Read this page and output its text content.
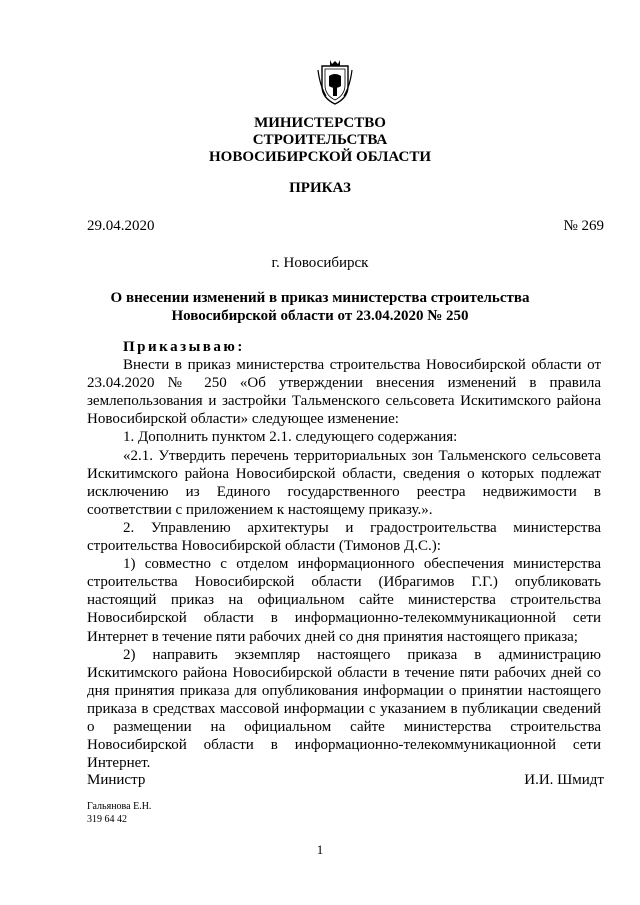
МИНИСТЕРСТВО
СТРОИТЕЛЬСТВА
НОВОСИБИРСКОЙ ОБЛАСТИ
ПРИКАЗ
29.04.2020	№ 269
г. Новосибирск
О внесении изменений в приказ министерства строительства
Новосибирской области от 23.04.2020 № 250

Приказываю:

Внести в приказ министерства строительства Новосибирской области от 23.04.2020 № 250 «Об утверждении внесения изменений в правила землепользования и застройки Тальменского сельсовета Искитимского района Новосибирской области» следующее изменение:

1. Дополнить пунктом 2.1. следующего содержания:

«2.1. Утвердить перечень территориальных зон Тальменского сельсовета Искитимского района Новосибирской области, сведения о которых подлежат исключению из Единого государственного реестра недвижимости в соответствии с приложением к настоящему приказу.».

2. Управлению архитектуры и градостроительства министерства строительства Новосибирской области (Тимонов Д.С.):

1) совместно с отделом информационного обеспечения министерства строительства Новосибирской области (Ибрагимов Г.Г.) опубликовать настоящий приказ на официальном сайте министерства строительства Новосибирской области в информационно-телекоммуникационной сети Интернет в течение пяти рабочих дней со дня принятия настоящего приказа;

2) направить экземпляр настоящего приказа в администрацию Искитимского района Новосибирской области в течение пяти рабочих дней со дня принятия приказа для опубликования информации о принятии настоящего приказа в средствах массовой информации с указанием в публикации сведений о размещении на официальном сайте министерства строительства Новосибирской области в информационно-телекоммуникационной сети Интернет.

Министр	И.И. Шмидт
Гальянова Е.Н.
319 64 42
1
